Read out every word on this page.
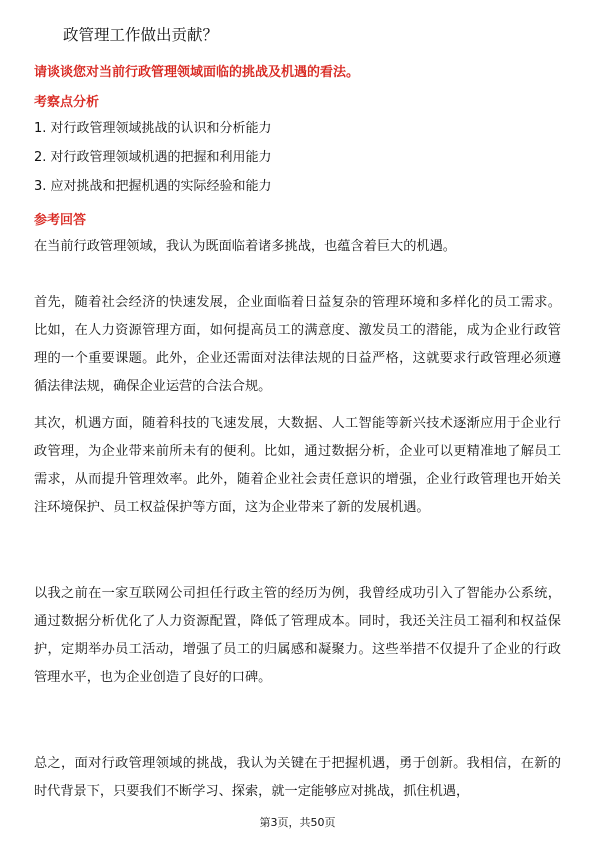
政管理工作做出贡献？
请谈谈您对当前行政管理领域面临的挑战及机遇的看法。
考察点分析
1. 对行政管理领域挑战的认识和分析能力
2. 对行政管理领域机遇的把握和利用能力
3. 应对挑战和把握机遇的实际经验和能力
参考回答

在当前行政管理领域，我认为既面临着诸多挑战，也蕴含着巨大的机遇。

首先，随着社会经济的快速发展，企业面临着日益复杂的管理环境和多样化的员工需求。比如，在人力资源管理方面，如何提高员工的满意度、激发员工的潜能，成为企业行政管理的一个重要课题。此外，企业还需面对法律法规的日益严格，这就要求行政管理必须遵循法律法规，确保企业运营的合法合规。

其次，机遇方面，随着科技的飞速发展，大数据、人工智能等新兴技术逐渐应用于企业行政管理，为企业带来前所未有的便利。比如，通过数据分析，企业可以更精准地了解员工需求，从而提升管理效率。此外，随着企业社会责任意识的增强，企业行政管理也开始关注环境保护、员工权益保护等方面，这为企业带来了新的发展机遇。

以我之前在一家互联网公司担任行政主管的经历为例，我曾经成功引入了智能办公系统，通过数据分析优化了人力资源配置，降低了管理成本。同时，我还关注员工福利和权益保护，定期举办员工活动，增强了员工的归属感和凝聚力。这些举措不仅提升了企业的行政管理水平，也为企业创造了良好的口碑。

总之，面对行政管理领域的挑战，我认为关键在于把握机遇，勇于创新。我相信，在新的时代背景下，只要我们不断学习、探索，就一定能够应对挑战，抓住机遇，

第3页，共50页
